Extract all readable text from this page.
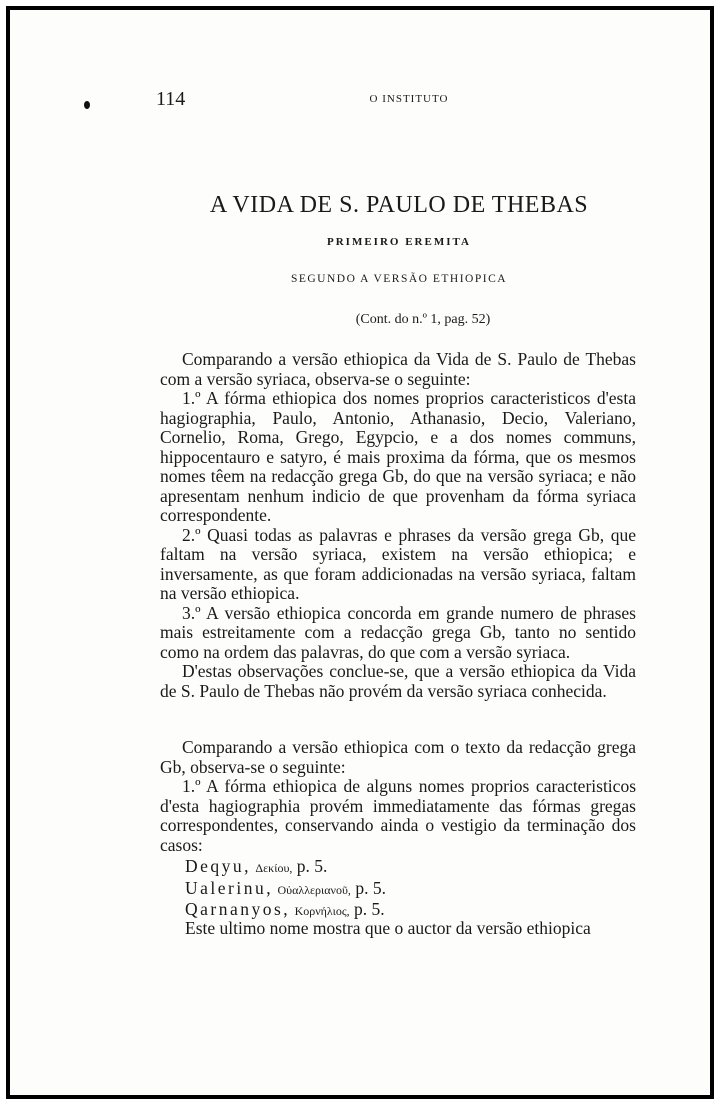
114	O INSTITUTO
A VIDA DE S. PAULO DE THEBAS
PRIMEIRO EREMITA
SEGUNDO A VERSÃO ETHIOPICA
(Cont. do n.º 1, pag. 52)

Comparando a versão ethiopica da Vida de S. Paulo de Thebas com a versão syriaca, observa-se o seguinte:

1.º A fórma ethiopica dos nomes proprios caracteristicos d'esta hagiographia, Paulo, Antonio, Athanasio, Decio, Valeriano, Cornelio, Roma, Grego, Egypcio, e a dos nomes communs, hippocentauro e satyro, é mais proxima da fórma, que os mesmos nomes têem na redacção grega Gb, do que na versão syriaca; e não apresentam nenhum indicio de que provenham da fórma syriaca correspondente.

2.º Quasi todas as palavras e phrases da versão grega Gb, que faltam na versão syriaca, existem na versão ethiopica; e inversamente, as que foram addicionadas na versão syriaca, faltam na versão ethiopica.

3.º A versão ethiopica concorda em grande numero de phrases mais estreitamente com a redacção grega Gb, tanto no sentido como na ordem das palavras, do que com a versão syriaca.

D'estas observações conclue-se, que a versão ethiopica da Vida de S. Paulo de Thebas não provém da versão syriaca conhecida.

Comparando a versão ethiopica com o texto da redacção grega Gb, observa-se o seguinte:

1.º A fórma ethiopica de alguns nomes proprios caracteristicos d'esta hagiographia provém immediatamente das fórmas gregas correspondentes, conservando ainda o vestigio da terminação dos casos:

Deqyu, Δεκίου, p. 5.
Ualerinu, Οὐαλλεριανοῦ, p. 5.
Qarnanyos, Κορνήλιος, p. 5.
Este ultimo nome mostra que o auctor da versão ethiopica
